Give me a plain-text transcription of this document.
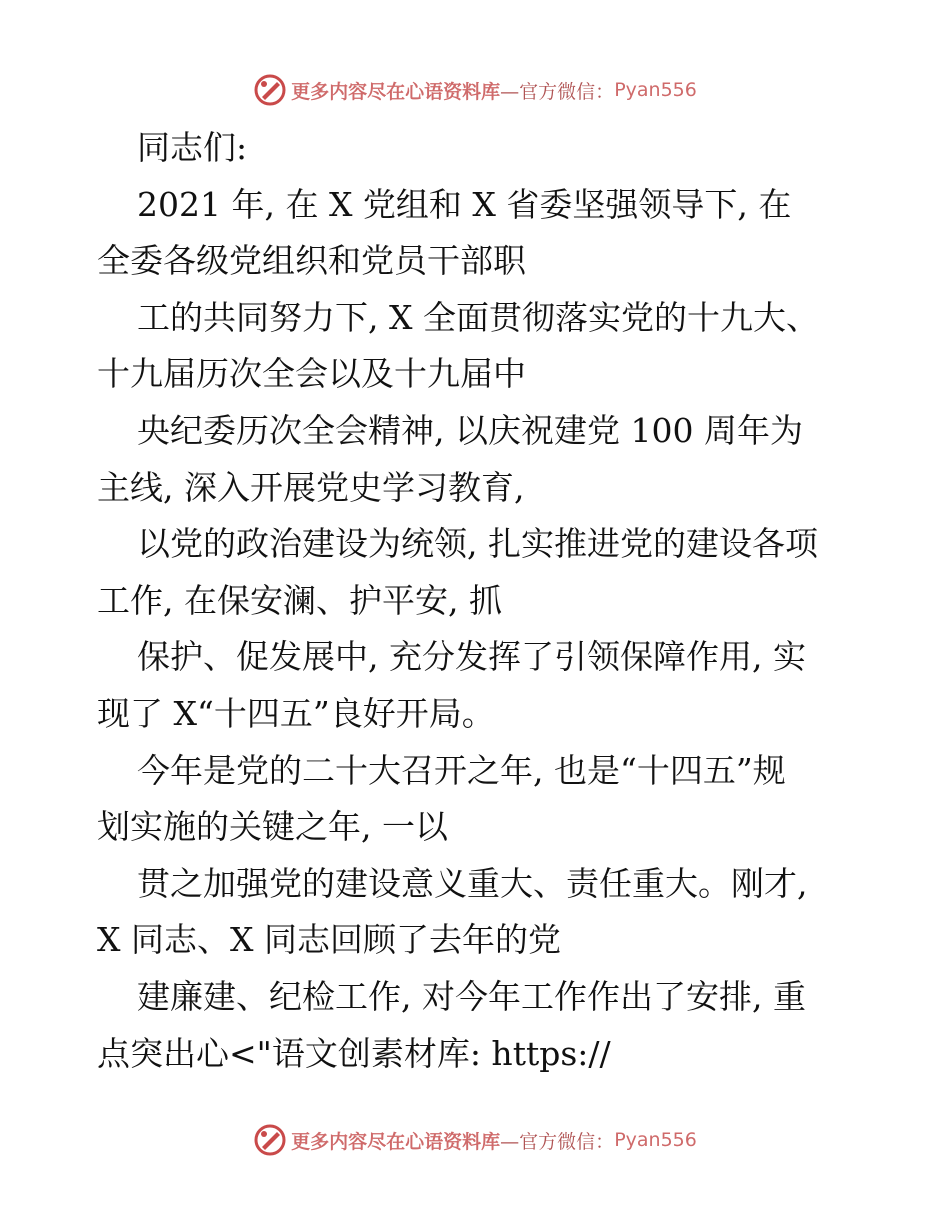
更多内容尽在心语资料库 —官方微信： Pyan556
同志们:
2021 年, 在 X 党组和 X 省委坚强领导下, 在
全委各级党组织和党员干部职
工的共同努力下, X 全面贯彻落实党的十九大、
十九届历次全会以及十九届中
央纪委历次全会精神, 以庆祝建党 100 周年为
主线, 深入开展党史学习教育,
以党的政治建设为统领, 扎实推进党的建设各项
工作, 在保安澜、护平安, 抓
保护、促发展中, 充分发挥了引领保障作用, 实
现了 X“十四五”良好开局。
今年是党的二十大召开之年, 也是“十四五”规
划实施的关键之年, 一以
贯之加强党的建设意义重大、责任重大。刚才,
X 同志、X 同志回顾了去年的党
建廉建、纪检工作, 对今年工作作出了安排, 重
点突出心<"语文创素材库: https://
更多内容尽在心语资料库 —官方微信： Pyan556
